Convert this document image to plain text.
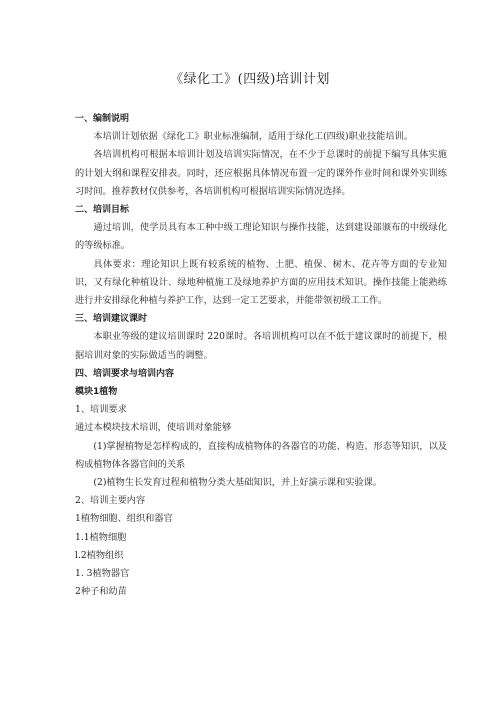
《绿化工》(四级)培训计划
一、编制说明
本培训计划依据《绿化工》职业标准编制，适用于绿化工(四级)职业技能培训。
各培训机构可根据本培训计划及培训实际情况，在不少于总课时的前提下编写具体实施的计划大纲和课程安排表。同时，还应根据具体情况布置一定的课外作业时间和课外实训练习时间。推荐教材仅供参考，各培训机构可根据培训实际情况选择。
二、培训目标
通过培训，使学员具有本工种中级工理论知识与操作技能，达到建设部颁布的中级绿化的等级标准。
具体要求：理论知识上既有较系统的植物、土肥、植保、树木、花卉等方面的专业知识，又有绿化种植设计、绿地种植施工及绿地养护方面的应用技术知识。操作技能上能熟练进行并安排绿化种植与养护工作，达到一定工艺要求，并能带领初级工工作。
三、培训建议课时
本职业等级的建议培训课时 220课时。各培训机构可以在不低于建议课时的前提下，根据培训对象的实际做适当的调整。
四、培训要求与培训内容
模块1植物
1、培训要求
通过本模块技术培训，使培训对象能够
(1)掌握植物是怎样构成的，直接构成植物体的各器官的功能、构造、形态等知识，以及构成植物体各器官间的关系
(2)植物生长发育过程和植物分类大基础知识，并上好演示课和实验课。
2、培训主要内容
1植物细胞、组织和器官
1.1植物细胞
l.2植物组织
1. 3植物器官
2种子和幼苗
